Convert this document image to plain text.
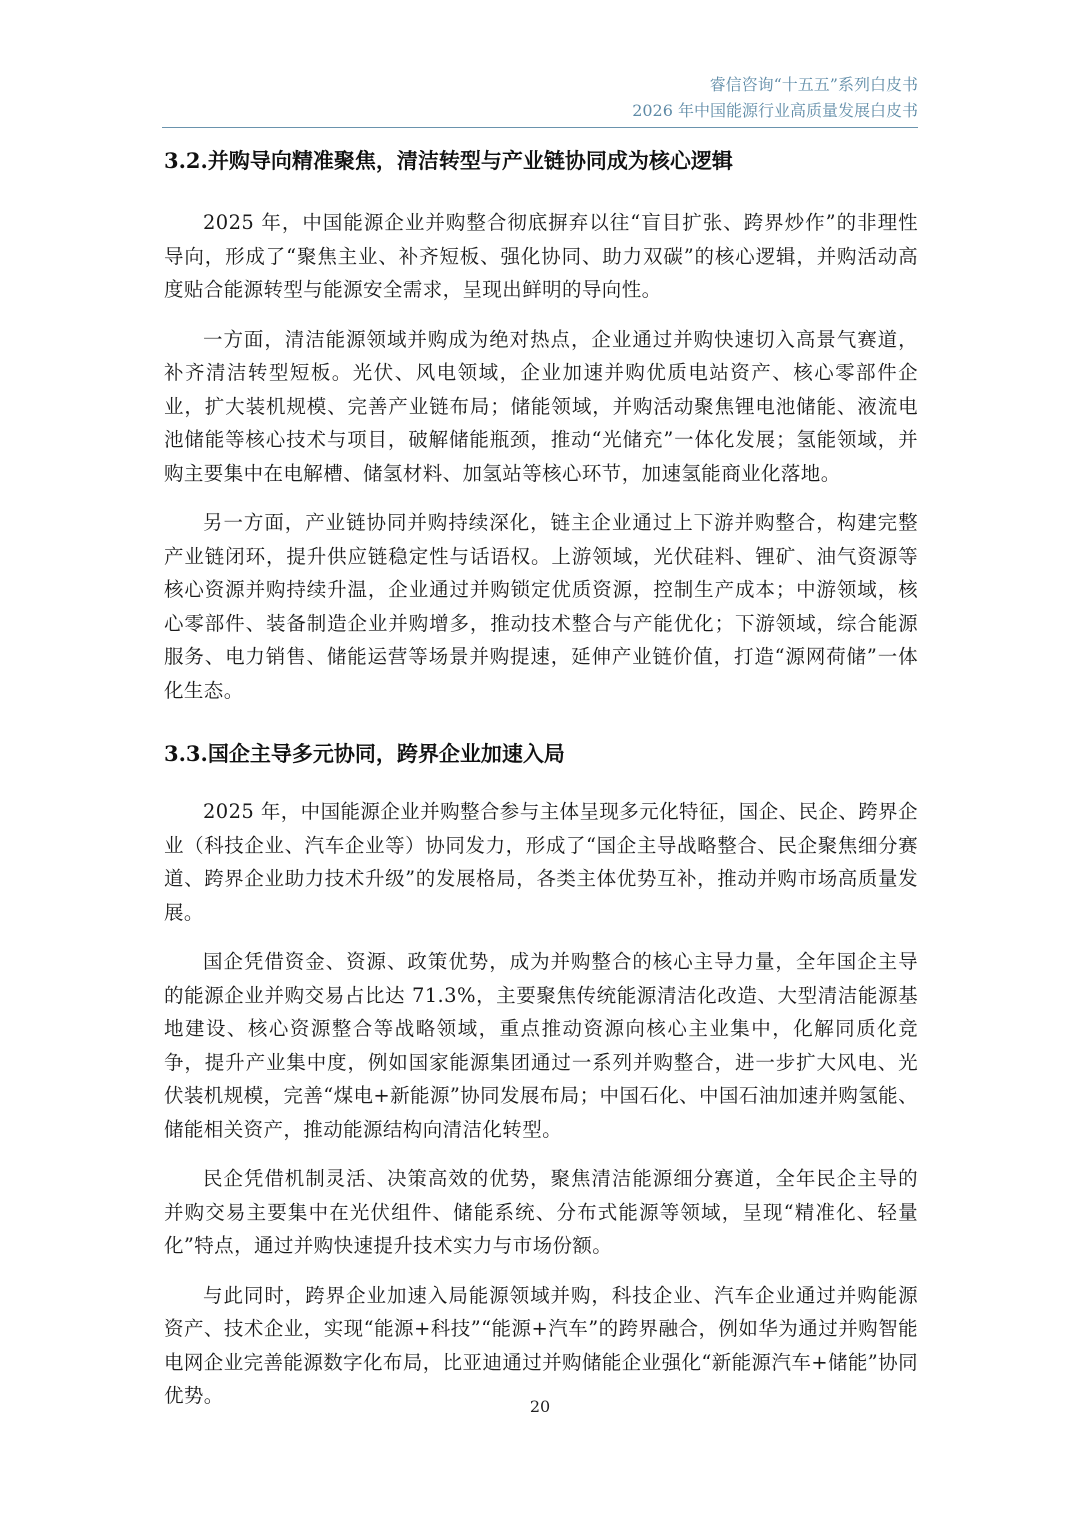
睿信咨询“十五五”系列白皮书
2026 年中国能源行业高质量发展白皮书
3.2.并购导向精准聚焦，清洁转型与产业链协同成为核心逻辑

2025 年，中国能源企业并购整合彻底摒弃以往“盲目扩张、跨界炒作”的非理性导向，形成了“聚焦主业、补齐短板、强化协同、助力双碳”的核心逻辑，并购活动高度贴合能源转型与能源安全需求，呈现出鲜明的导向性。

一方面，清洁能源领域并购成为绝对热点，企业通过并购快速切入高景气赛道，补齐清洁转型短板。光伏、风电领域，企业加速并购优质电站资产、核心零部件企业，扩大装机规模、完善产业链布局；储能领域，并购活动聚焦锂电池储能、液流电池储能等核心技术与项目，破解储能瓶颈，推动“光储充”一体化发展；氢能领域，并购主要集中在电解槽、储氢材料、加氢站等核心环节，加速氢能商业化落地。

另一方面，产业链协同并购持续深化，链主企业通过上下游并购整合，构建完整产业链闭环，提升供应链稳定性与话语权。上游领域，光伏硅料、锂矿、油气资源等核心资源并购持续升温，企业通过并购锁定优质资源，控制生产成本；中游领域，核心零部件、装备制造企业并购增多，推动技术整合与产能优化；下游领域，综合能源服务、电力销售、储能运营等场景并购提速，延伸产业链价值，打造“源网荷储”一体化生态。

3.3.国企主导多元协同，跨界企业加速入局

2025 年，中国能源企业并购整合参与主体呈现多元化特征，国企、民企、跨界企业（科技企业、汽车企业等）协同发力，形成了“国企主导战略整合、民企聚焦细分赛道、跨界企业助力技术升级”的发展格局，各类主体优势互补，推动并购市场高质量发展。

国企凭借资金、资源、政策优势，成为并购整合的核心主导力量，全年国企主导的能源企业并购交易占比达 71.3%，主要聚焦传统能源清洁化改造、大型清洁能源基地建设、核心资源整合等战略领域，重点推动资源向核心主业集中，化解同质化竞争，提升产业集中度，例如国家能源集团通过一系列并购整合，进一步扩大风电、光伏装机规模，完善“煤电+新能源”协同发展布局；中国石化、中国石油加速并购氢能、储能相关资产，推动能源结构向清洁化转型。

民企凭借机制灵活、决策高效的优势，聚焦清洁能源细分赛道，全年民企主导的并购交易主要集中在光伏组件、储能系统、分布式能源等领域，呈现“精准化、轻量化”特点，通过并购快速提升技术实力与市场份额。

与此同时，跨界企业加速入局能源领域并购，科技企业、汽车企业通过并购能源资产、技术企业，实现“能源+科技”“能源+汽车”的跨界融合，例如华为通过并购智能电网企业完善能源数字化布局，比亚迪通过并购储能企业强化“新能源汽车+储能”协同优势。	20
